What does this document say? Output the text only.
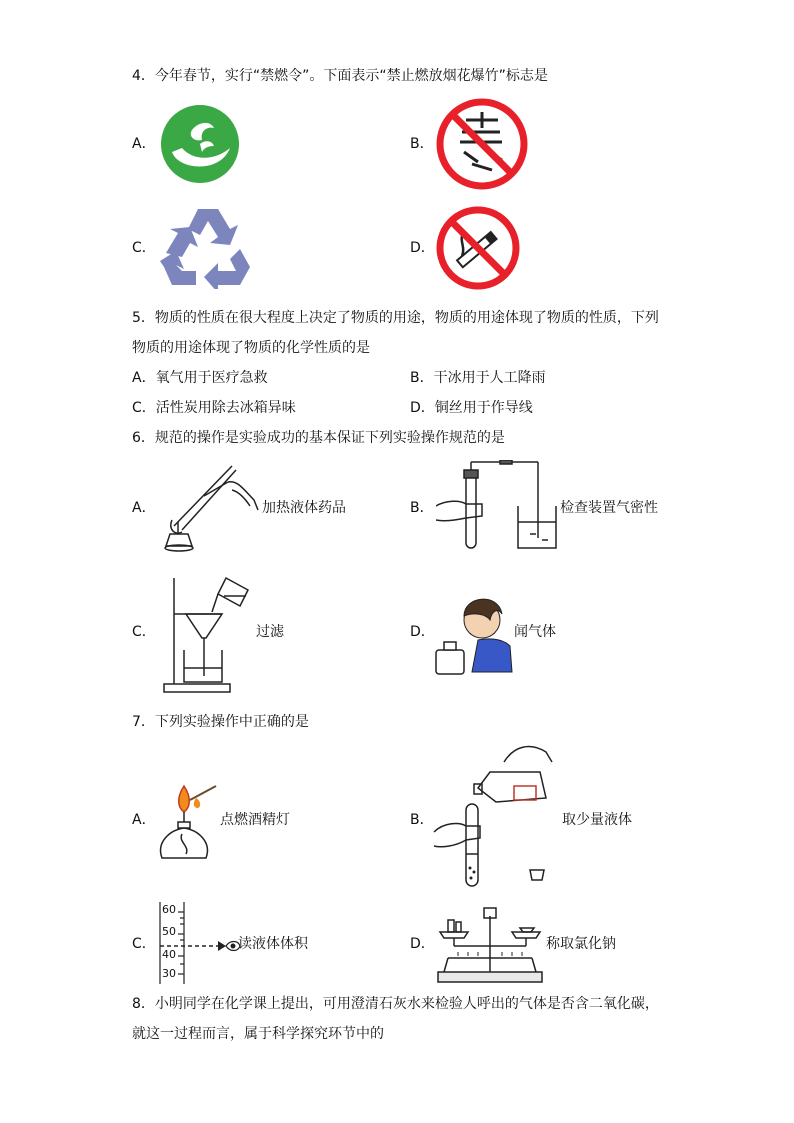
4．今年春节，实行“禁燃令”。下面表示“禁止燃放烟花爆竹”标志是
A．	B．
C．	D．
5．物质的性质在很大程度上决定了物质的用途，物质的用途体现了物质的性质，下列
物质的用途体现了物质的化学性质的是
A．氧气用于医疗急救	B．干冰用于人工降雨
C．活性炭用除去冰箱异味	D．铜丝用于作导线
6．规范的操作是实验成功的基本保证下列实验操作规范的是
A．	加热液体药品	B．	检查装置气密性
C．	过滤	D．	闻气体
7．下列实验操作中正确的是
A．	点燃酒精灯	B．	取少量液体
C．
60
50
40
30
读液体体积	D．	称取氯化钠
8．小明同学在化学课上提出，可用澄清石灰水来检验人呼出的气体是否含二氧化碳，
就这一过程而言，属于科学探究环节中的
